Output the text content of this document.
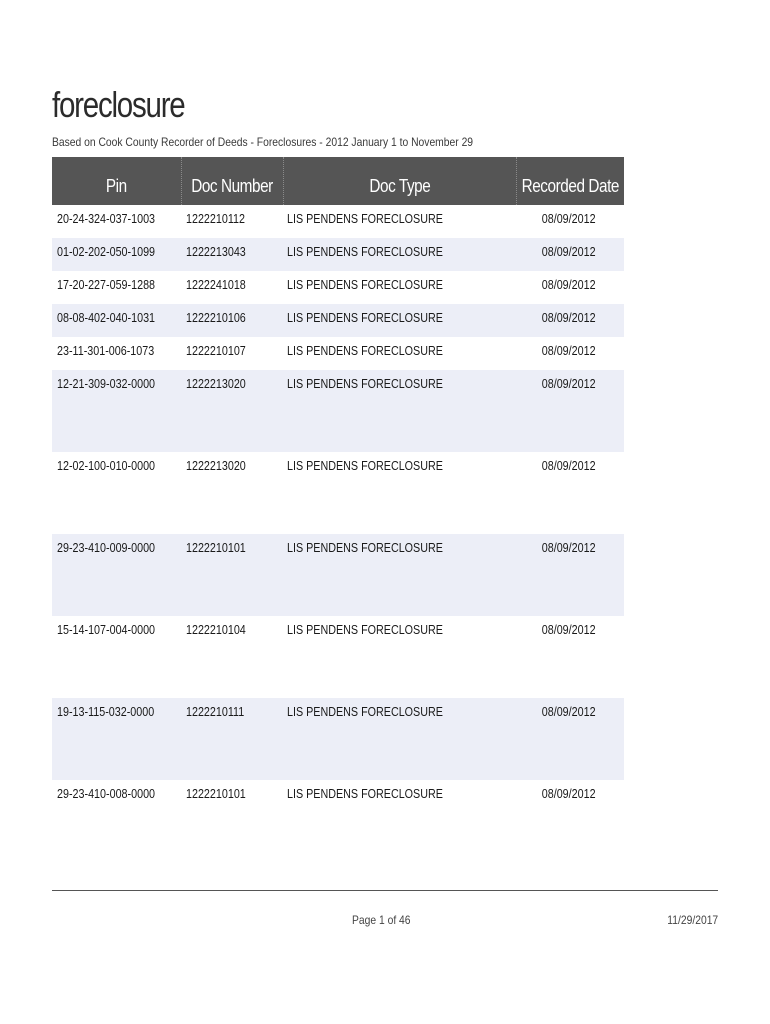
foreclosure
Based on Cook County Recorder of Deeds - Foreclosures - 2012 January 1 to November 29
Pin	Doc Number	Doc Type	Recorded Date
20-24-324-037-1003	1222210112	LIS PENDENS FORECLOSURE	08/09/2012
01-02-202-050-1099	1222213043	LIS PENDENS FORECLOSURE	08/09/2012
17-20-227-059-1288	1222241018	LIS PENDENS FORECLOSURE	08/09/2012
08-08-402-040-1031	1222210106	LIS PENDENS FORECLOSURE	08/09/2012
23-11-301-006-1073	1222210107	LIS PENDENS FORECLOSURE	08/09/2012
12-21-309-032-0000	1222213020	LIS PENDENS FORECLOSURE	08/09/2012
12-02-100-010-0000	1222213020	LIS PENDENS FORECLOSURE	08/09/2012
29-23-410-009-0000	1222210101	LIS PENDENS FORECLOSURE	08/09/2012
15-14-107-004-0000	1222210104	LIS PENDENS FORECLOSURE	08/09/2012
19-13-115-032-0000	1222210111	LIS PENDENS FORECLOSURE	08/09/2012
29-23-410-008-0000	1222210101	LIS PENDENS FORECLOSURE	08/09/2012
Page 1 of 46	11/29/2017
